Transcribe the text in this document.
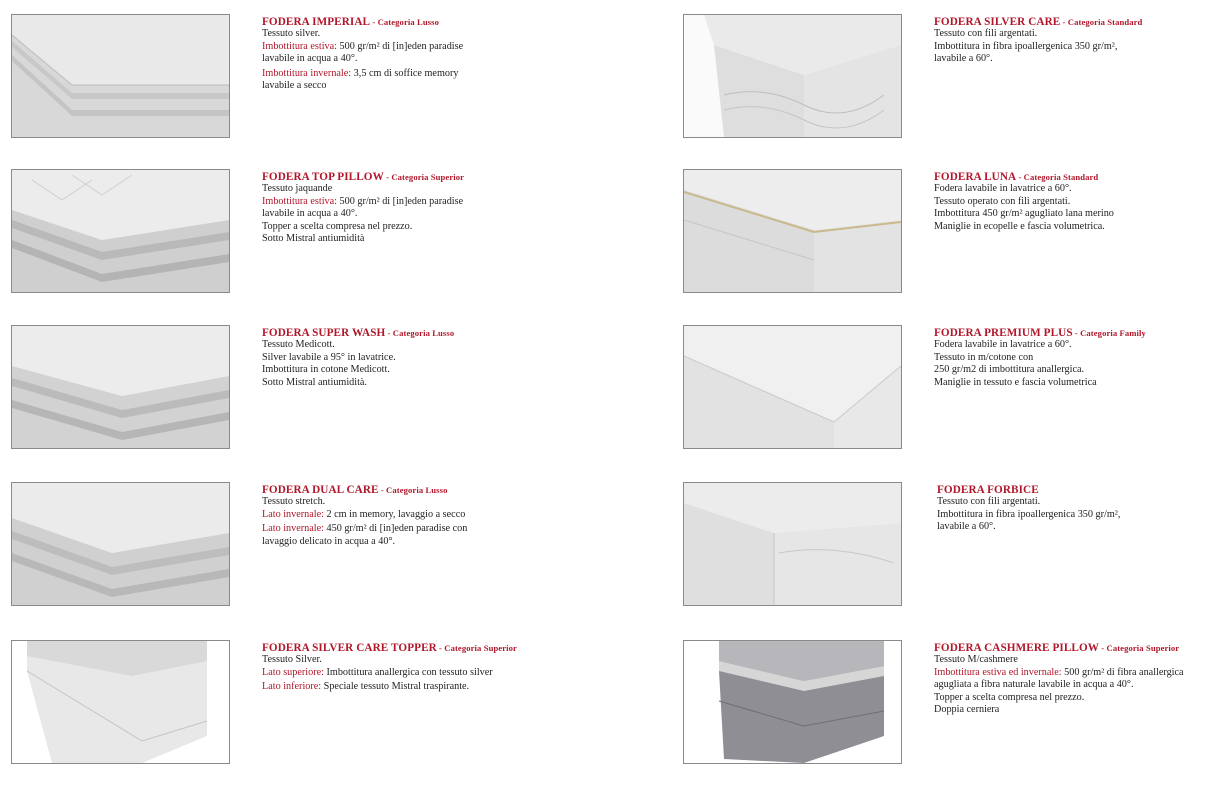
FODERA IMPERIAL - Categoria Lusso
Tessuto silver.
Imbottitura estiva: 500 gr/m² di [in]eden paradise
lavabile in acqua a 40°.
Imbottitura invernale: 3,5 cm di soffice memory
lavabile a secco
FODERA SILVER CARE - Categoria Standard
Tessuto con fili argentati.
Imbottitura in fibra ipoallergenica 350 gr/m²,
lavabile a 60°.
FODERA TOP PILLOW - Categoria Superior
Tessuto jaquande
Imbottitura estiva: 500 gr/m² di [in]eden paradise
lavabile in acqua a 40°.
Topper a scelta compresa nel prezzo.
Sotto Mistral antiumidità
FODERA LUNA - Categoria Standard
Fodera lavabile in lavatrice a 60°.
Tessuto operato con fili argentati.
Imbottitura 450 gr/m² agugliato lana merino
Maniglie in ecopelle e fascia volumetrica.
FODERA SUPER WASH - Categoria Lusso
Tessuto Medicott.
Silver lavabile a 95° in lavatrice.
Imbottitura in cotone Medicott.
Sotto Mistral antiumidità.
FODERA PREMIUM PLUS - Categoria Family
Fodera lavabile in lavatrice a 60°.
Tessuto in m/cotone con
250 gr/m2 di imbottitura anallergica.
Maniglie in tessuto e fascia volumetrica
FODERA DUAL CARE - Categoria Lusso
Tessuto stretch.
Lato invernale: 2 cm in memory, lavaggio a secco
Lato invernale: 450 gr/m² di [in]eden paradise con
lavaggio delicato in acqua a 40°.
FODERA FORBICE
Tessuto con fili argentati.
Imbottitura in fibra ipoallergenica 350 gr/m²,
lavabile a 60°.
FODERA SILVER CARE TOPPER - Categoria Superior
Tessuto Silver.
Lato superiore: Imbottitura anallergica con tessuto silver
Lato inferiore: Speciale tessuto Mistral traspirante.
FODERA CASHMERE PILLOW - Categoria Superior
Tessuto M/cashmere
Imbottitura estiva ed invernale: 500 gr/m² di fibra anallergica
agugliata a fibra naturale lavabile in acqua a 40°.
Topper a scelta compresa nel prezzo.
Doppia cerniera
